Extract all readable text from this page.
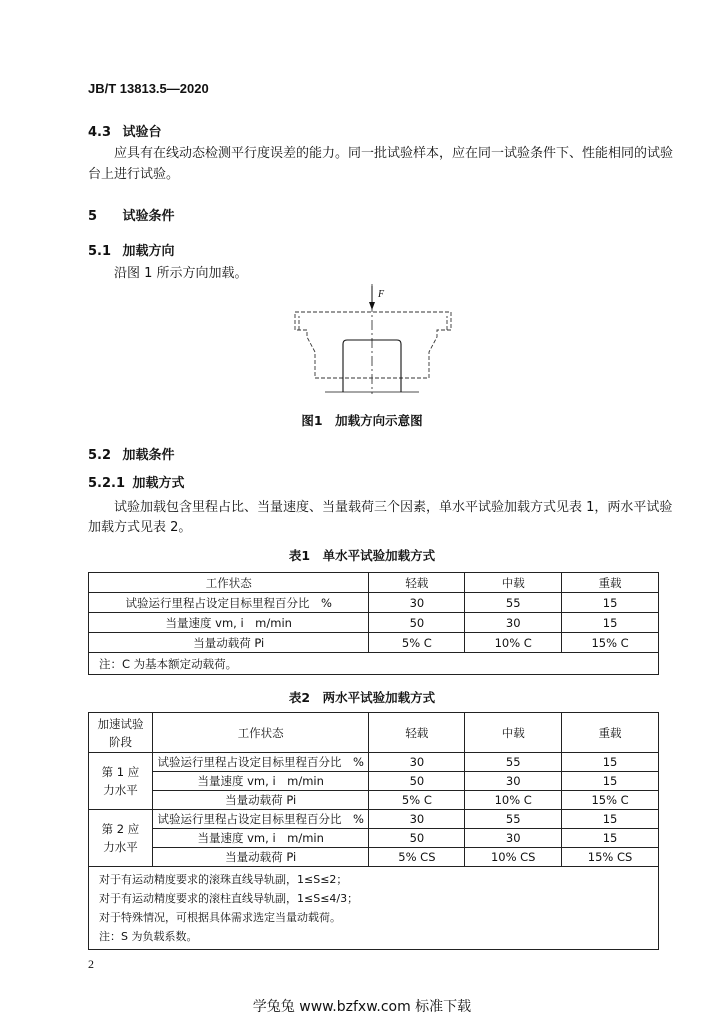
JB/T 13813.5—2020
4.3 试验台
应具有在线动态检测平行度误差的能力。同一批试验样本，应在同一试验条件下、性能相同的试验
台上进行试验。
5 试验条件
5.1 加载方向
沿图 1 所示方向加载。
F
图1　加载方向示意图
5.2 加载条件
5.2.1 加载方式
试验加载包含里程占比、当量速度、当量载荷三个因素，单水平试验加载方式见表 1，两水平试验
加载方式见表 2。
表1　单水平试验加载方式
工作状态	轻载	中载	重载
试验运行里程占设定目标里程百分比　%	30	55	15
当量速度 vm, i　m/min	50	30	15
当量动载荷 Pi	5% C	10% C	15% C
注：C 为基本额定动载荷。			
表2　两水平试验加载方式
加速试验阶段	工作状态	轻载	中载	重载
第 1 应力水平	试验运行里程占设定目标里程百分比　%	30	55	15
	当量速度 vm, i　m/min	50	30	15
	当量动载荷 Pi	5% C	10% C	15% C
第 2 应力水平	试验运行里程占设定目标里程百分比　%	30	55	15
	当量速度 vm, i　m/min	50	30	15
	当量动载荷 Pi	5% CS	10% CS	15% CS

对于有运动精度要求的滚珠直线导轨副，1≤S≤2；
对于有运动精度要求的滚柱直线导轨副，1≤S≤4/3；
对于特殊情况，可根据具体需求选定当量动载荷。
注：S 为负载系数。				
2
学兔兔 www.bzfxw.com 标准下载
